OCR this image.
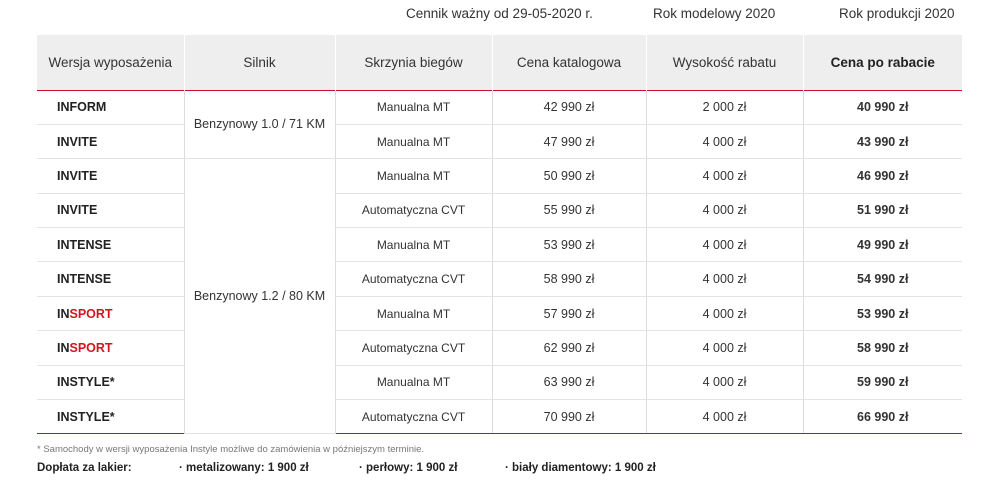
Cennik ważny od 29-05-2020 r.	Rok modelowy 2020	Rok produkcji 2020
Wersja wyposażenia	Silnik	Skrzynia biegów	Cena katalogowa	Wysokość rabatu	Cena po rabacie
INFORM	Benzynowy 1.0 / 71 KM	Manualna MT	42 990 zł	2 000 zł	40 990 zł
INVITE		Manualna MT	47 990 zł	4 000 zł	43 990 zł
INVITE	Benzynowy 1.2 / 80 KM	Manualna MT	50 990 zł	4 000 zł	46 990 zł
INVITE		Automatyczna CVT	55 990 zł	4 000 zł	51 990 zł
INTENSE		Manualna MT	53 990 zł	4 000 zł	49 990 zł
INTENSE		Automatyczna CVT	58 990 zł	4 000 zł	54 990 zł
INSPORT		Manualna MT	57 990 zł	4 000 zł	53 990 zł
INSPORT		Automatyczna CVT	62 990 zł	4 000 zł	58 990 zł
INSTYLE*		Manualna MT	63 990 zł	4 000 zł	59 990 zł
INSTYLE*		Automatyczna CVT	70 990 zł	4 000 zł	66 990 zł
* Samochody w wersji wyposażenia Instyle możliwe do zamówienia w późniejszym terminie.
Dopłata za lakier:	· metalizowany: 1 900 zł	· perłowy: 1 900 zł	· biały diamentowy: 1 900 zł
